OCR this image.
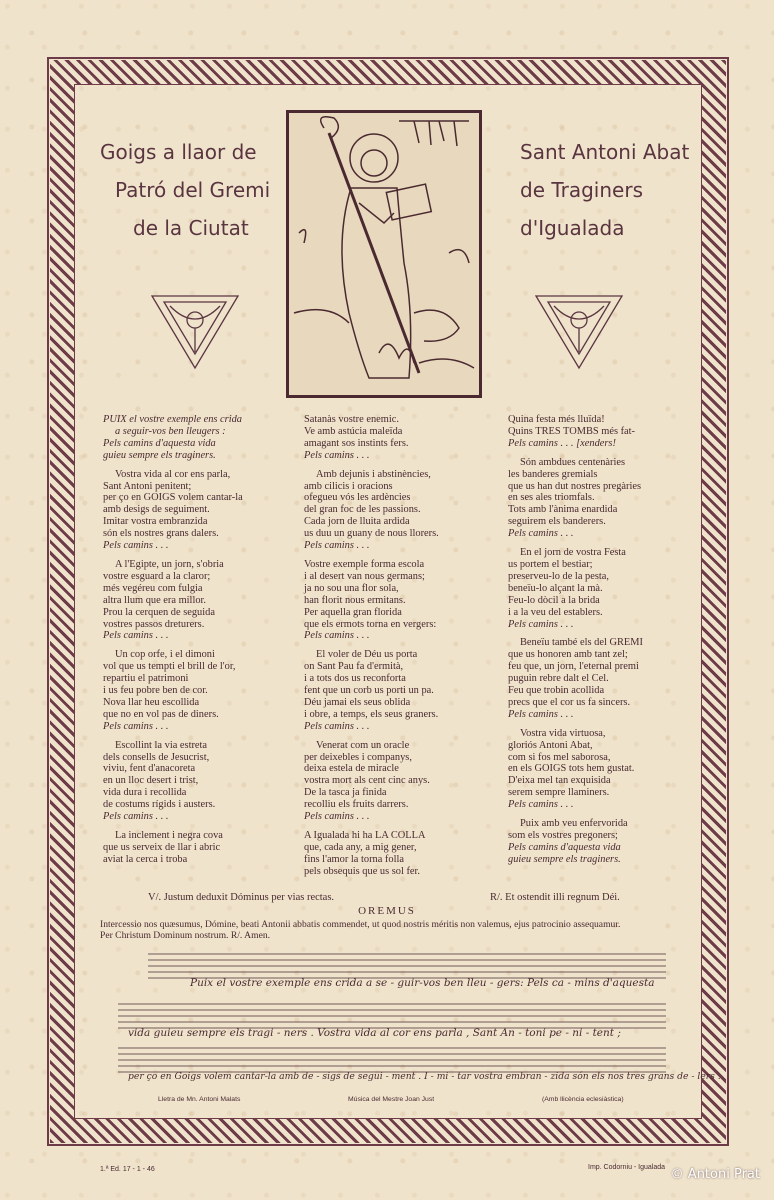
Goigs a llaor de
Patró del Gremi
de la Ciutat
Sant Antoni Abat
de Traginers
d'Igualada

PUIX el vostre exemple ens crida

a seguir-vos ben lleugers :

Pels camins d'aquesta vida

guieu sempre els traginers.

Vostra vida al cor ens parla,

Sant Antoni penitent;

per ço en GOIGS volem cantar-la

amb desigs de seguiment.

Imitar vostra embranzida

són els nostres grans dalers.

Pels camins . . .

A l'Egipte, un jorn, s'obria

vostre esguard a la claror;

més vegéreu com fulgia

altra llum que era millor.

Prou la cerquen de seguida

vostres passos dreturers.

Pels camins . . .

Un cop orfe, i el dimoni

vol que us tempti el brill de l'or,

repartiu el patrimoni

i us feu pobre ben de cor.

Nova llar heu escollida

que no en vol pas de diners.

Pels camins . . .

Escollint la via estreta

dels consells de Jesucrist,

viviu, fent d'anacoreta

en un lloc desert i trist,

vida dura i recollida

de costums rígids i austers.

Pels camins . . .

La inclement i negra cova

que us serveix de llar i abric

aviat la cerca i troba

Satanàs vostre enemic.

Ve amb astúcia maleïda

amagant sos instints fers.

Pels camins . . .

Amb dejunis i abstinències,

amb cilicis i oracions

ofegueu vós les ardències

del gran foc de les passions.

Cada jorn de lluita ardida

us duu un guany de nous llorers.

Pels camins . . .

Vostre exemple forma escola

i al desert van nous germans;

ja no sou una flor sola,

han florit nous ermitans.

Per aquella gran florida

que els ermots torna en vergers:

Pels camins . . .

El voler de Déu us porta

on Sant Pau fa d'ermità,

i a tots dos us reconforta

fent que un corb us porti un pa.

Déu jamai els seus oblida

i obre, a temps, els seus graners.

Pels camins . . .

Venerat com un oracle

per deixebles i companys,

deixa estela de miracle

vostra mort als cent cinc anys.

De la tasca ja finida

recolliu els fruits darrers.

Pels camins . . .

A Igualada hi ha LA COLLA

que, cada any, a mig gener,

fins l'amor la torna folla

pels obsequis que us sol fer.

Quina festa més lluïda!

Quins TRES TOMBS més fat-

Pels camins . . . [xenders!

Són ambdues centenàries

les banderes gremials

que us han dut nostres pregàries

en ses ales triomfals.

Tots amb l'ànima enardida

seguirem els banderers.

Pels camins . . .

En el jorn de vostra Festa

us portem el bestiar;

preserveu-lo de la pesta,

beneïu-lo alçant la mà.

Feu-lo dòcil a la brida

i a la veu del establers.

Pels camins . . .

Beneïu també els del GREMI

que us honoren amb tant zel;

feu que, un jorn, l'eternal premi

puguin rebre dalt el Cel.

Feu que trobin acollida

precs que el cor us fa sincers.

Pels camins . . .

Vostra vida virtuosa,

gloriós Antoni Abat,

com si fos mel saborosa,

en els GOIGS tots hem gustat.

D'eixa mel tan exquisida

serem sempre llaminers.

Pels camins . . .

Puix amb veu enfervorida

som els vostres pregoners;

Pels camins d'aquesta vida

guieu sempre els traginers.

V/. Justum deduxit Dóminus per vias rectas.	R/. Et ostendit illi regnum Déi.
OREMUS

Intercessio nos quæsumus, Dómine, beati Antonii abbatis commendet, ut quod nostris méritis non valemus, ejus patrocinio assequamur.

Per Christum Dominum nostrum. R/. Amen.

Puix el vostre exemple ens crida a se - guir-vos ben lleu - gers: Pels ca - mins d'aquesta
vida guieu sempre els tragi - ners . Vostra vida al cor ens parla , Sant An - toni pe - ni - tent ;
per ço en Goigs volem cantar-la amb de - sigs de segui - ment . I - mi - tar vostra embran - zida són els nos tres grans de - lers .
Lletra de Mn. Antoni Malats	Música del Mestre Joan Just	(Amb llicència eclesiàstica)
1.ª Ed. 17 - 1 - 46	Imp. Codorniu - Igualada © Antoni Prat
